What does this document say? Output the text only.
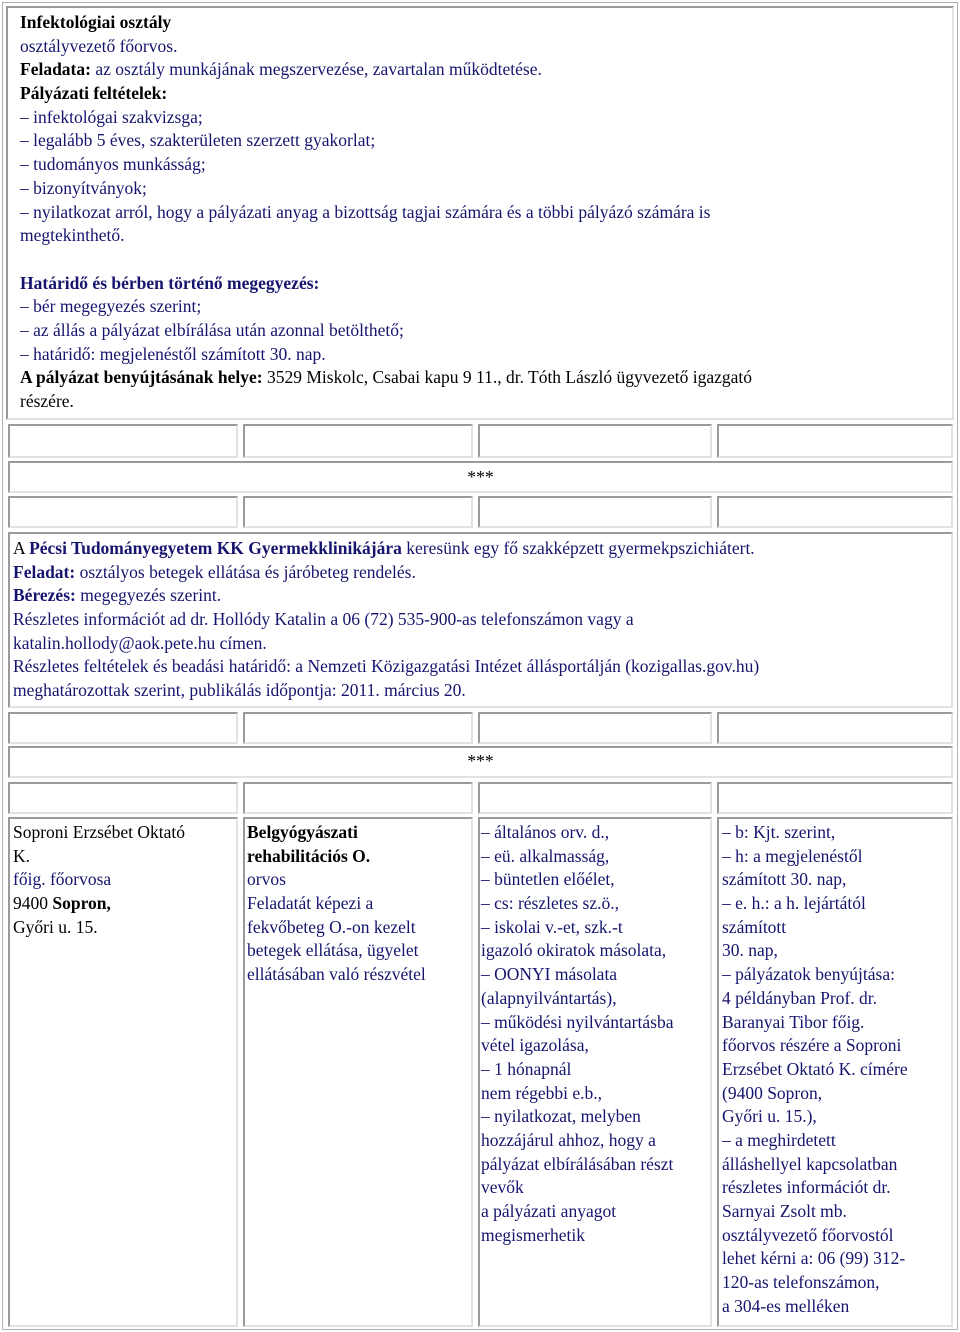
Infektológiai osztály
osztályvezető főorvos.
Feladata: az osztály munkájának megszervezése, zavartalan működtetése.
Pályázati feltételek:
– infektológai szakvizsga;
– legalább 5 éves, szakterületen szerzett gyakorlat;
– tudományos munkásság;
– bizonyítványok;
– nyilatkozat arról, hogy a pályázati anyag a bizottság tagjai számára és a többi pályázó számára is
megtekinthető.
Határidő és bérben történő megegyezés:
– bér megegyezés szerint;
– az állás a pályázat elbírálása után azonnal betölthető;
– határidő: megjelenéstől számított 30. nap.
A pályázat benyújtásának helye: 3529 Miskolc, Csabai kapu 9 11., dr. Tóth László ügyvezető igazgató
részére.
***
A Pécsi Tudományegyetem KK Gyermekklinikájára keresünk egy fő szakképzett gyermekpszichiátert.
Feladat: osztályos betegek ellátása és járóbeteg rendelés.
Bérezés: megegyezés szerint.
Részletes információt ad dr. Hollódy Katalin a 06 (72) 535-900-as telefonszámon vagy a
katalin.hollody@aok.pete.hu címen.
Részletes feltételek és beadási határidő: a Nemzeti Közigazgatási Intézet állásportálján (kozigallas.gov.hu)
meghatározottak szerint, publikálás időpontja: 2011. március 20.
***
Soproni Erzsébet Oktató
K.
főig. főorvosa
9400 Sopron,
Győri u. 15.
Belgyógyászati
rehabilitációs O.
orvos
Feladatát képezi a
fekvőbeteg O.-on kezelt
betegek ellátása, ügyelet
ellátásában való részvétel
– általános orv. d.,
– eü. alkalmasság,
– büntetlen előélet,
– cs: részletes sz.ö.,
– iskolai v.-et, szk.-t
igazoló okiratok másolata,
– OONYI másolata
(alapnyilvántartás),
– működési nyilvántartásba
vétel igazolása,
– 1 hónapnál
nem régebbi e.b.,
– nyilatkozat, melyben
hozzájárul ahhoz, hogy a
pályázat elbírálásában részt
vevők
a pályázati anyagot
megismerhetik
– b: Kjt. szerint,
– h: a megjelenéstől
számított 30. nap,
– e. h.: a h. lejártától
számított
30. nap,
– pályázatok benyújtása:
4 példányban Prof. dr.
Baranyai Tibor főig.
főorvos részére a Soproni
Erzsébet Oktató K. címére
(9400 Sopron,
Győri u. 15.),
– a meghirdetett
álláshellyel kapcsolatban
részletes információt dr.
Sarnyai Zsolt mb.
osztályvezető főorvostól
lehet kérni a: 06 (99) 312-
120-as telefonszámon,
a 304-es melléken
